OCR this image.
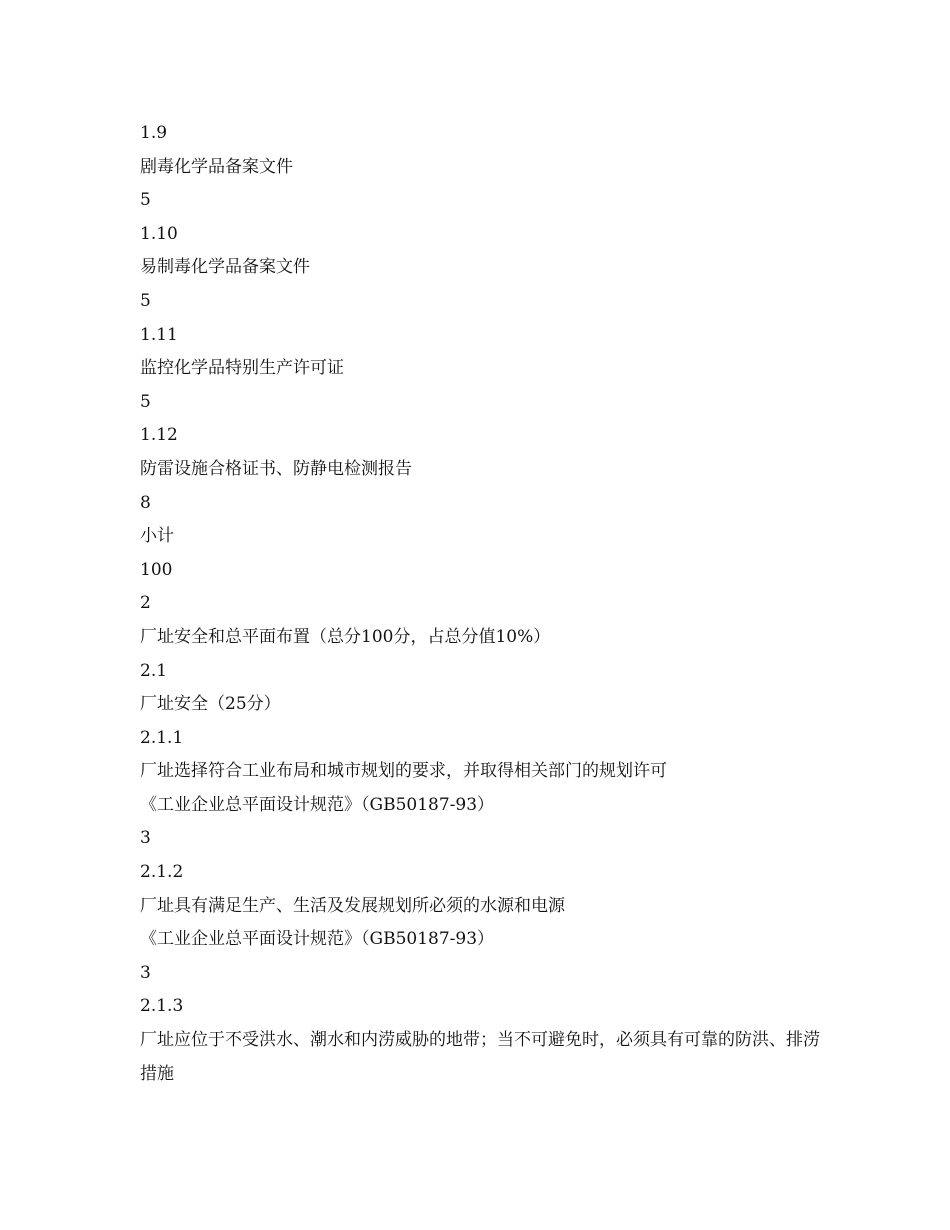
1.9

剧毒化学品备案文件

5

1.10

易制毒化学品备案文件

5

1.11

监控化学品特别生产许可证

5

1.12

防雷设施合格证书、防静电检测报告

8

小计

100

2

厂址安全和总平面布置（总分100分，占总分值10%）

2.1

厂址安全（25分）

2.1.1

厂址选择符合工业布局和城市规划的要求，并取得相关部门的规划许可

《工业企业总平面设计规范》（GB50187-93）

3

2.1.2

厂址具有满足生产、生活及发展规划所必须的水源和电源

《工业企业总平面设计规范》（GB50187-93）

3

2.1.3

厂址应位于不受洪水、潮水和内涝威胁的地带；当不可避免时，必须具有可靠的防洪、排涝措施
